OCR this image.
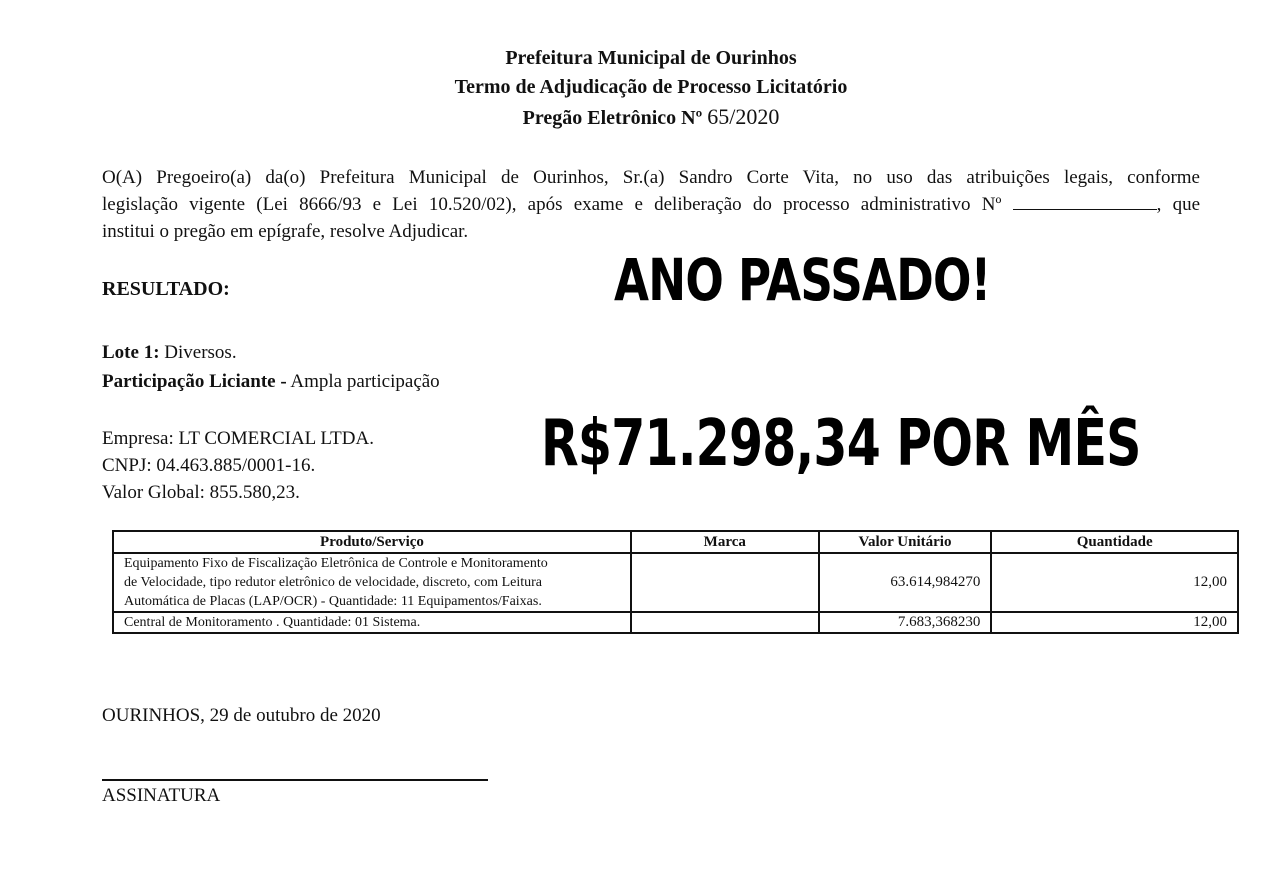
Prefeitura Municipal de Ourinhos
Termo de Adjudicação de Processo Licitatório
Pregão Eletrônico Nº 65/2020

O(A) Pregoeiro(a) da(o) Prefeitura Municipal de Ourinhos, Sr.(a) Sandro Corte Vita, no uso das atribuições legais, conforme

legislação vigente (Lei 8666/93 e Lei 10.520/02), após exame e deliberação do processo administrativo Nº	, que

institui o pregão em epígrafe, resolve Adjudicar.

RESULTADO:
Lote 1: Diversos.
Participação Liciante - Ampla participação
Empresa: LT COMERCIAL LTDA.
CNPJ: 04.463.885/0001-16.
Valor Global: 855.580,23.
ANO PASSADO!
R$71.298,34 POR MÊS
Produto/Serviço	Marca	Valor Unitário	Quantidade

Equipamento Fixo de Fiscalização Eletrônica de Controle e Monitoramento
de Velocidade, tipo redutor eletrônico de velocidade, discreto, com Leitura
Automática de Placas (LAP/OCR) - Quantidade: 11 Equipamentos/Faixas.		63.614,984270	12,00

Central de Monitoramento . Quantidade: 01 Sistema.		7.683,368230	12,00
OURINHOS, 29 de outubro de 2020
ASSINATURA
